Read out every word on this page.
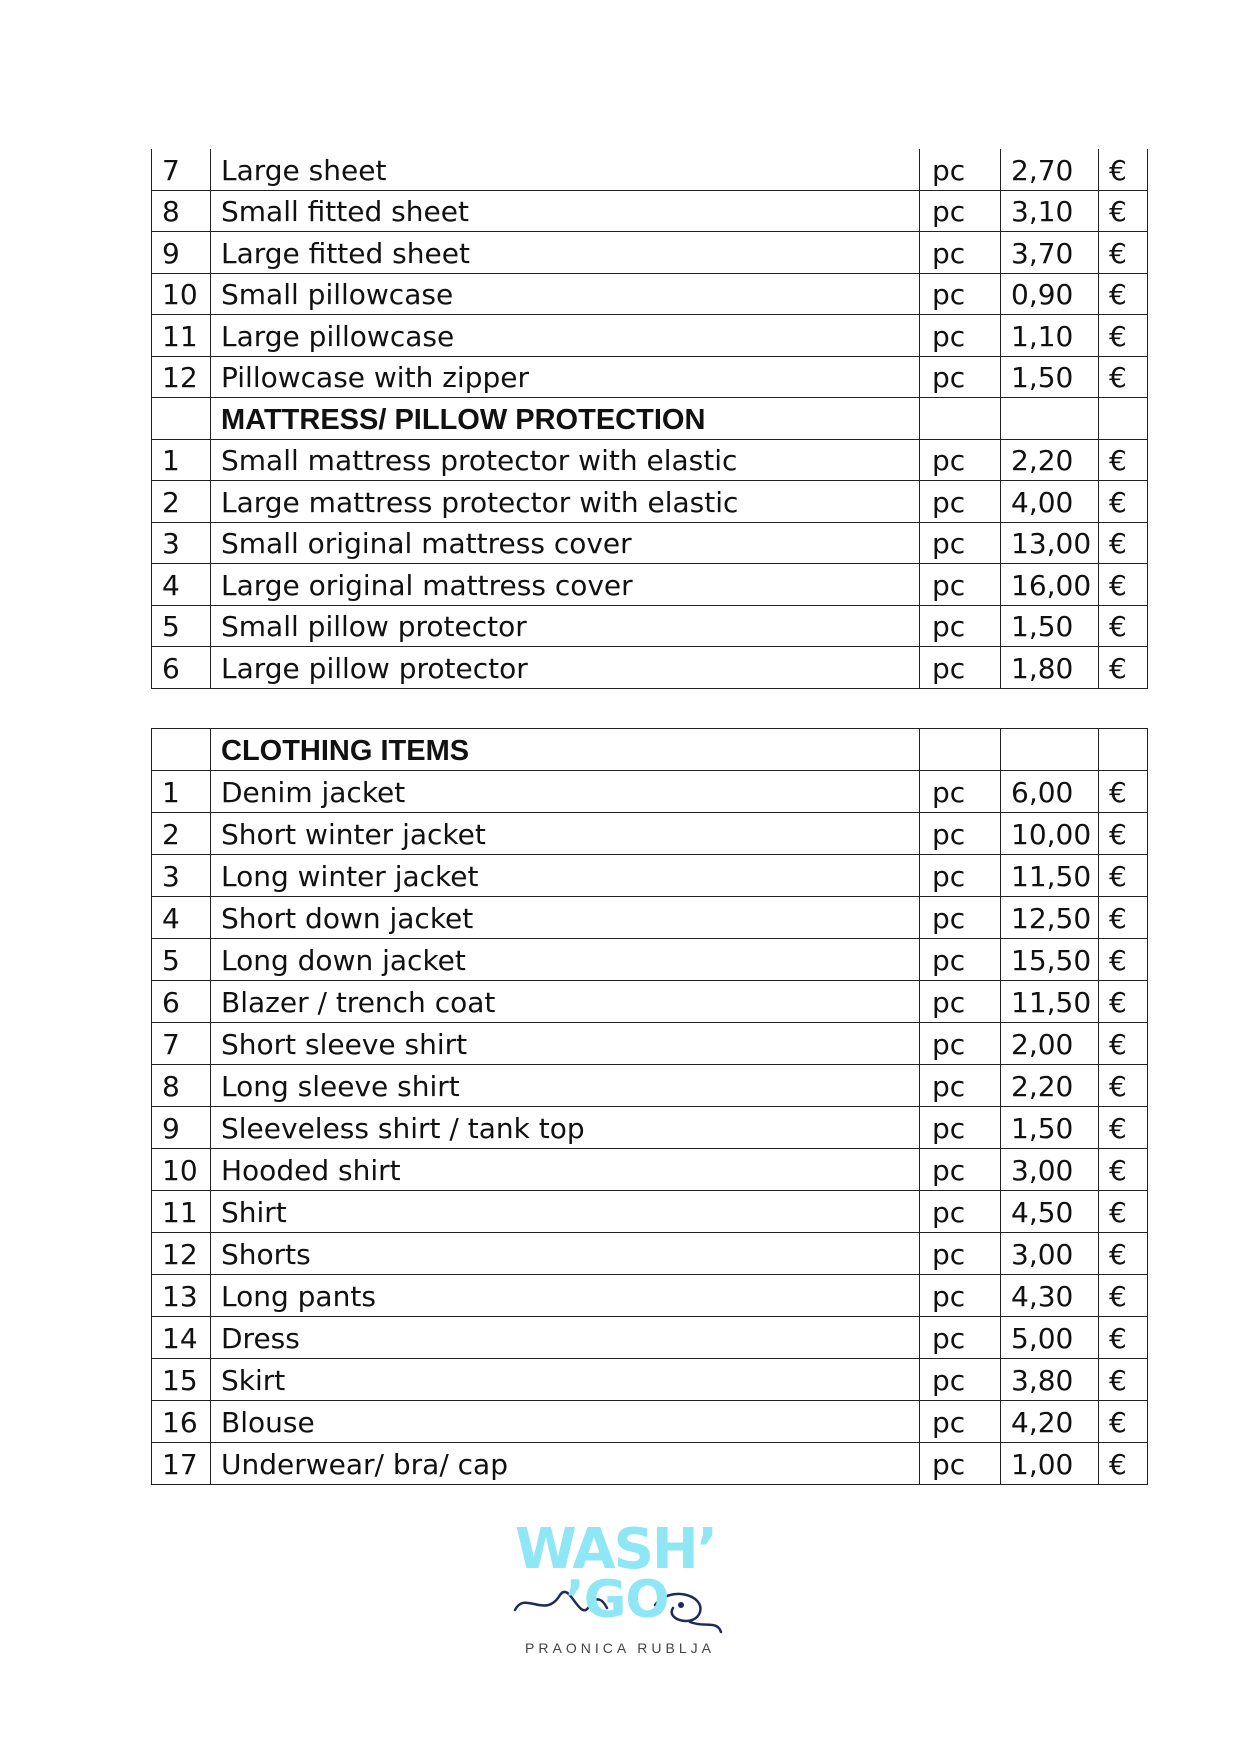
7	Large sheet	pc	2,70	€
8	Small fitted sheet	pc	3,10	€
9	Large fitted sheet	pc	3,70	€
10	Small pillowcase	pc	0,90	€
11	Large pillowcase	pc	1,10	€
12	Pillowcase with zipper	pc	1,50	€
	MATTRESS/ PILLOW PROTECTION			
1	Small mattress protector with elastic	pc	2,20	€
2	Large mattress protector with elastic	pc	4,00	€
3	Small original mattress cover	pc	13,00	€
4	Large original mattress cover	pc	16,00	€
5	Small pillow protector	pc	1,50	€
6	Large pillow protector	pc	1,80	€
	CLOTHING ITEMS			
1	Denim jacket	pc	6,00	€
2	Short winter jacket	pc	10,00	€
3	Long winter jacket	pc	11,50	€
4	Short down jacket	pc	12,50	€
5	Long down jacket	pc	15,50	€
6	Blazer / trench coat	pc	11,50	€
7	Short sleeve shirt	pc	2,00	€
8	Long sleeve shirt	pc	2,20	€
9	Sleeveless shirt / tank top	pc	1,50	€
10	Hooded shirt	pc	3,00	€
11	Shirt	pc	4,50	€
12	Shorts	pc	3,00	€
13	Long pants	pc	4,30	€
14	Dress	pc	5,00	€
15	Skirt	pc	3,80	€
16	Blouse	pc	4,20	€
17	Underwear/ bra/ cap	pc	1,00	€
WASH’
’GO
PRAONICA RUBLJA
